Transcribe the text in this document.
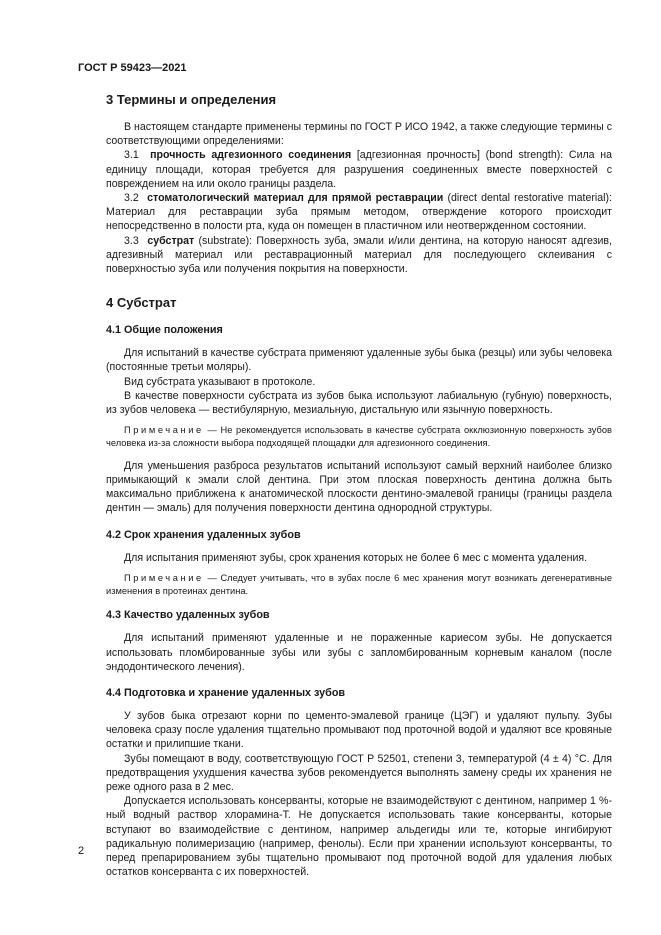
ГОСТ Р 59423—2021
3 Термины и определения

В настоящем стандарте применены термины по ГОСТ Р ИСО 1942, а также следующие термины с соответствующими определениями:

3.1 прочность адгезионного соединения [адгезионная прочность] (bond strength): Сила на единицу площади, которая требуется для разрушения соединенных вместе поверхностей с повреждением на или около границы раздела.

3.2 стоматологический материал для прямой реставрации (direct dental restorative material): Материал для реставрации зуба прямым методом, отверждение которого происходит непосредственно в полости рта, куда он помещен в пластичном или неотвержденном состоянии.

3.3 субстрат (substrate): Поверхность зуба, эмали и/или дентина, на которую наносят адгезив, адгезивный материал или реставрационный материал для последующего склеивания с поверхностью зуба или получения покрытия на поверхности.

4 Субстрат
4.1 Общие положения

Для испытаний в качестве субстрата применяют удаленные зубы быка (резцы) или зубы человека (постоянные третьи моляры).

Вид субстрата указывают в протоколе.

В качестве поверхности субстрата из зубов быка используют лабиальную (губную) поверхность, из зубов человека — вестибулярную, мезиальную, дистальную или язычную поверхность.

Примечание — Не рекомендуется использовать в качестве субстрата окклюзионную поверхность зубов человека из-за сложности выбора подходящей площадки для адгезионного соединения.

Для уменьшения разброса результатов испытаний используют самый верхний наиболее близко примыкающий к эмали слой дентина. При этом плоская поверхность дентина должна быть максимально приближена к анатомической плоскости дентино-эмалевой границы (границы раздела дентин — эмаль) для получения поверхности дентина однородной структуры.

4.2 Срок хранения удаленных зубов

Для испытания применяют зубы, срок хранения которых не более 6 мес с момента удаления.

Примечание — Следует учитывать, что в зубах после 6 мес хранения могут возникать дегенеративные изменения в протеинах дентина.

4.3 Качество удаленных зубов

Для испытаний применяют удаленные и не пораженные кариесом зубы. Не допускается использовать пломбированные зубы или зубы с запломбированным корневым каналом (после эндодонтического лечения).

4.4 Подготовка и хранение удаленных зубов

У зубов быка отрезают корни по цементо-эмалевой границе (ЦЭГ) и удаляют пульпу. Зубы человека сразу после удаления тщательно промывают под проточной водой и удаляют все кровяные остатки и прилипшие ткани.

Зубы помещают в воду, соответствующую ГОСТ Р 52501, степени 3, температурой (4 ± 4) °С. Для предотвращения ухудшения качества зубов рекомендуется выполнять замену среды их хранения не реже одного раза в 2 мес.

Допускается использовать консерванты, которые не взаимодействуют с дентином, например 1 %-ный водный раствор хлорамина-Т. Не допускается использовать такие консерванты, которые вступают во взаимодействие с дентином, например альдегиды или те, которые ингибируют радикальную полимеризацию (например, фенолы). Если при хранении используют консерванты, то перед препарированием зубы тщательно промывают под проточной водой для удаления любых остатков консерванта с их поверхностей.

2
